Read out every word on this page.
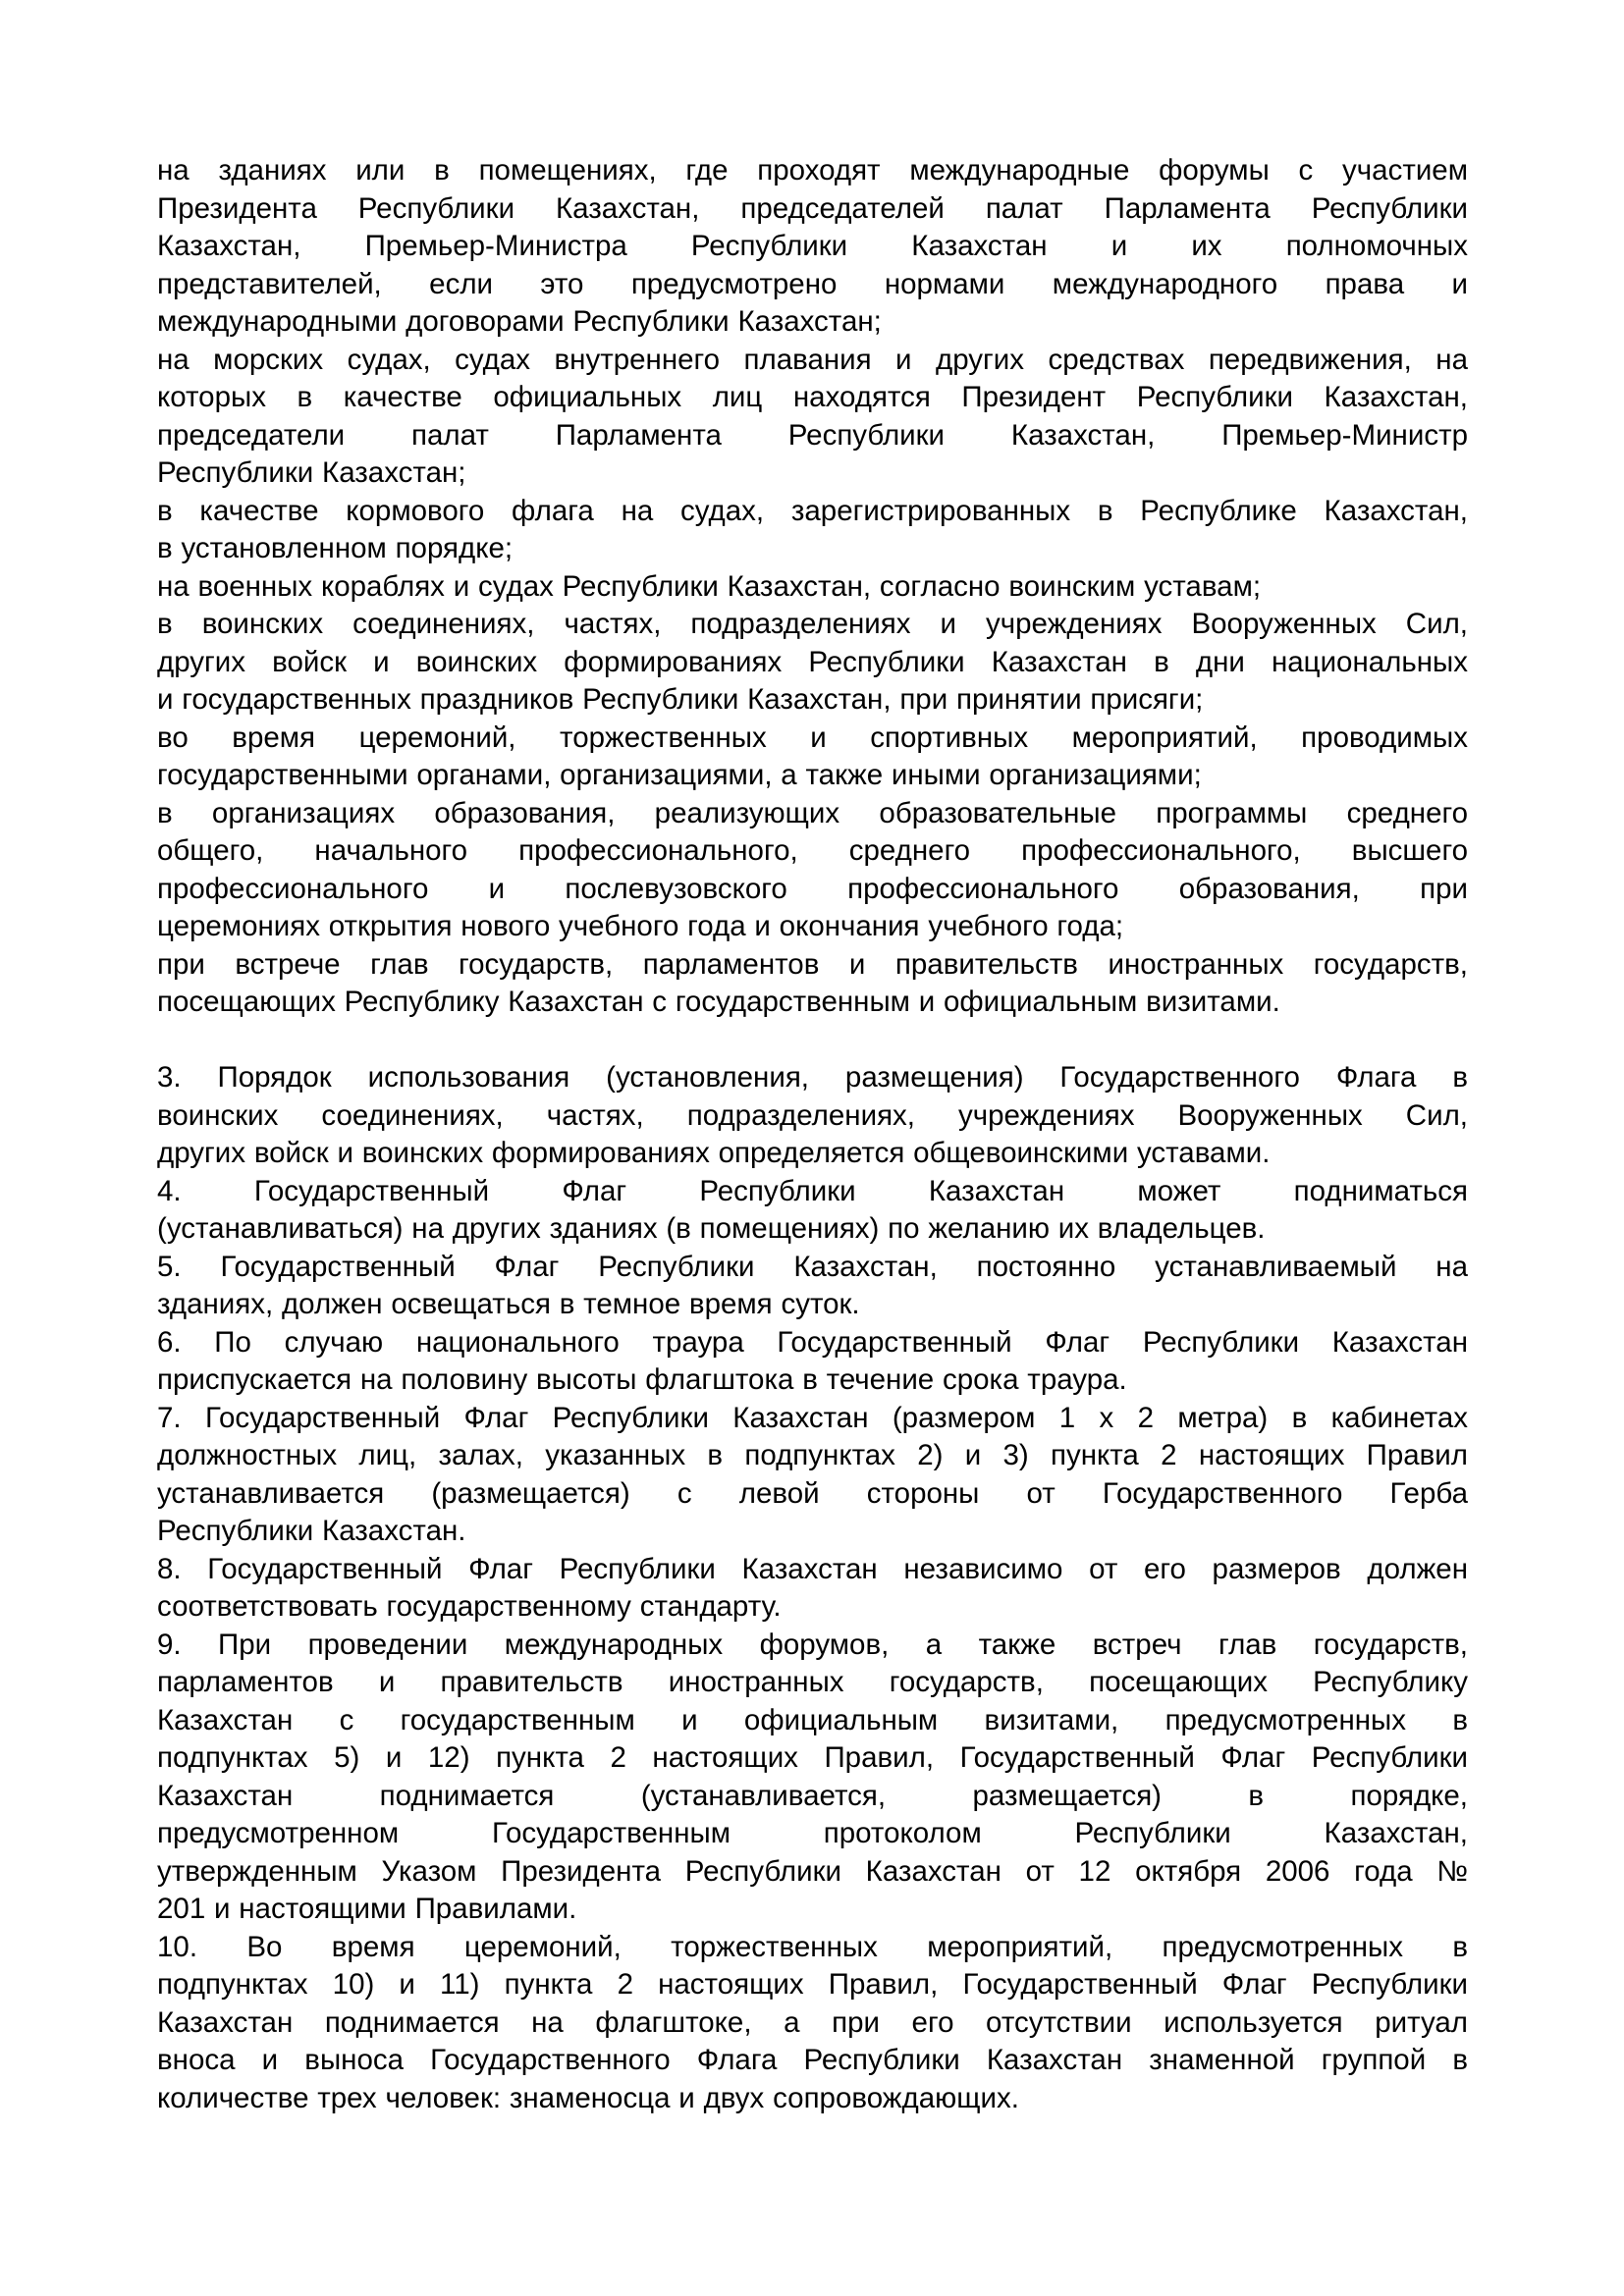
на зданиях или в помещениях, где проходят международные форумы с участием
Президента Республики Казахстан, председателей палат Парламента Республики
Казахстан, Премьер-Министра Республики Казахстан и их полномочных
представителей, если это предусмотрено нормами международного права и
международными договорами Республики Казахстан;
на морских судах, судах внутреннего плавания и других средствах передвижения, на
которых в качестве официальных лиц находятся Президент Республики Казахстан,
председатели палат Парламента Республики Казахстан, Премьер-Министр
Республики Казахстан;
в качестве кормового флага на судах, зарегистрированных в Республике Казахстан,
в установленном порядке;
на военных кораблях и судах Республики Казахстан, согласно воинским уставам;
в воинских соединениях, частях, подразделениях и учреждениях Вооруженных Сил,
других войск и воинских формированиях Республики Казахстан в дни национальных
и государственных праздников Республики Казахстан, при принятии присяги;
во время церемоний, торжественных и спортивных мероприятий, проводимых
государственными органами, организациями, а также иными организациями;
в организациях образования, реализующих образовательные программы среднего
общего, начального профессионального, среднего профессионального, высшего
профессионального и послевузовского профессионального образования, при
церемониях открытия нового учебного года и окончания учебного года;
при встрече глав государств, парламентов и правительств иностранных государств,
посещающих Республику Казахстан с государственным и официальным визитами.
3. Порядок использования (установления, размещения) Государственного Флага в
воинских соединениях, частях, подразделениях, учреждениях Вооруженных Сил,
других войск и воинских формированиях определяется общевоинскими уставами.
4. Государственный Флаг Республики Казахстан может подниматься
(устанавливаться) на других зданиях (в помещениях) по желанию их владельцев.
5. Государственный Флаг Республики Казахстан, постоянно устанавливаемый на
зданиях, должен освещаться в темное время суток.
6. По случаю национального траура Государственный Флаг Республики Казахстан
приспускается на половину высоты флагштока в течение срока траура.
7. Государственный Флаг Республики Казахстан (размером 1 х 2 метра) в кабинетах
должностных лиц, залах, указанных в подпунктах 2) и 3) пункта 2 настоящих Правил
устанавливается (размещается) с левой стороны от Государственного Герба
Республики Казахстан.
8. Государственный Флаг Республики Казахстан независимо от его размеров должен
соответствовать государственному стандарту.
9. При проведении международных форумов, а также встреч глав государств,
парламентов и правительств иностранных государств, посещающих Республику
Казахстан с государственным и официальным визитами, предусмотренных в
подпунктах 5) и 12) пункта 2 настоящих Правил, Государственный Флаг Республики
Казахстан поднимается (устанавливается, размещается) в порядке,
предусмотренном Государственным протоколом Республики Казахстан,
утвержденным Указом Президента Республики Казахстан от 12 октября 2006 года №
201 и настоящими Правилами.
10. Во время церемоний, торжественных мероприятий, предусмотренных в
подпунктах 10) и 11) пункта 2 настоящих Правил, Государственный Флаг Республики
Казахстан поднимается на флагштоке, а при его отсутствии используется ритуал
вноса и выноса Государственного Флага Республики Казахстан знаменной группой в
количестве трех человек: знаменосца и двух сопровождающих.
